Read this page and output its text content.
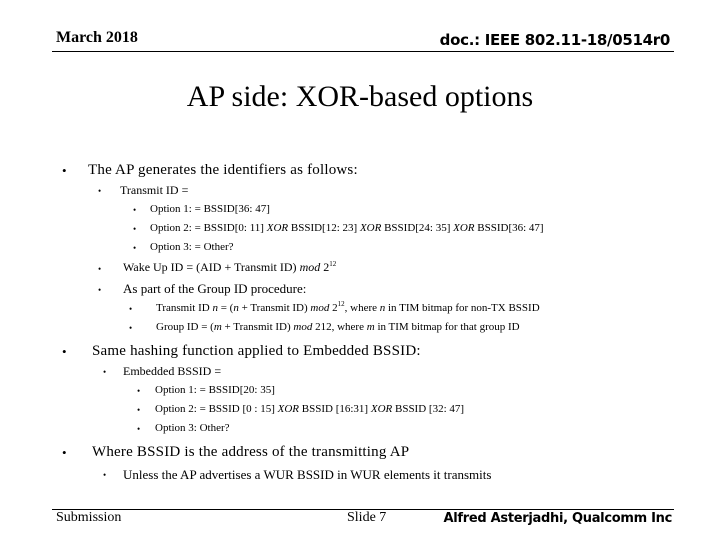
March 2018	doc.: IEEE 802.11-18/0514r0
AP side: XOR-based options
• The AP generates the identifiers as follows:
• Transmit ID =
• Option 1: = BSSID[36: 47]
• Option 2: = BSSID[0: 11] XOR BSSID[12: 23] XOR BSSID[24: 35] XOR BSSID[36: 47]
• Option 3: = Other?
• Wake Up ID = (AID + Transmit ID) mod $2^{12}$
• As part of the Group ID procedure:
• Transmit ID n = (n + Transmit ID) mod $2^{12}$, where n in TIM bitmap for non-TX BSSID
• Group ID = (m + Transmit ID) mod 212, where m in TIM bitmap for that group ID
• Same hashing function applied to Embedded BSSID:
• Embedded BSSID =
• Option 1: = BSSID[20: 35]
• Option 2: = BSSID [0 : 15] XOR BSSID [16:31] XOR BSSID [32: 47]
• Option 3: Other?
• Where BSSID is the address of the transmitting AP
• Unless the AP advertises a WUR BSSID in WUR elements it transmits
Submission	Slide 7	Alfred Asterjadhi, Qualcomm Inc
